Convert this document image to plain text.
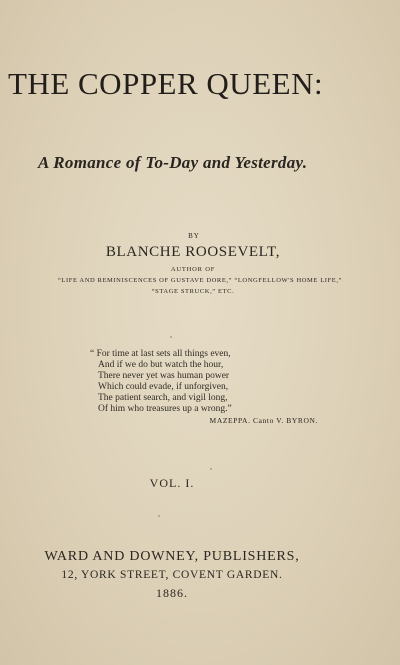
THE COPPER QUEEN:
A Romance of To-Day and Yesterday.
BY
BLANCHE ROOSEVELT,
AUTHOR OF
“LIFE AND REMINISCENCES OF GUSTAVE DORE,” “LONGFELLOW'S HOME LIFE,”
“STAGE STRUCK,” ETC.
“ For time at last sets all things even,
And if we do but watch the hour,
There never yet was human power
Which could evade, if unforgiven,
The patient search, and vigil long,
Of him who treasures up a wrong.”
MAZEPPA. Canto V. BYRON.
VOL. I.
WARD AND DOWNEY, PUBLISHERS,
12, YORK STREET, COVENT GARDEN.
1886.
